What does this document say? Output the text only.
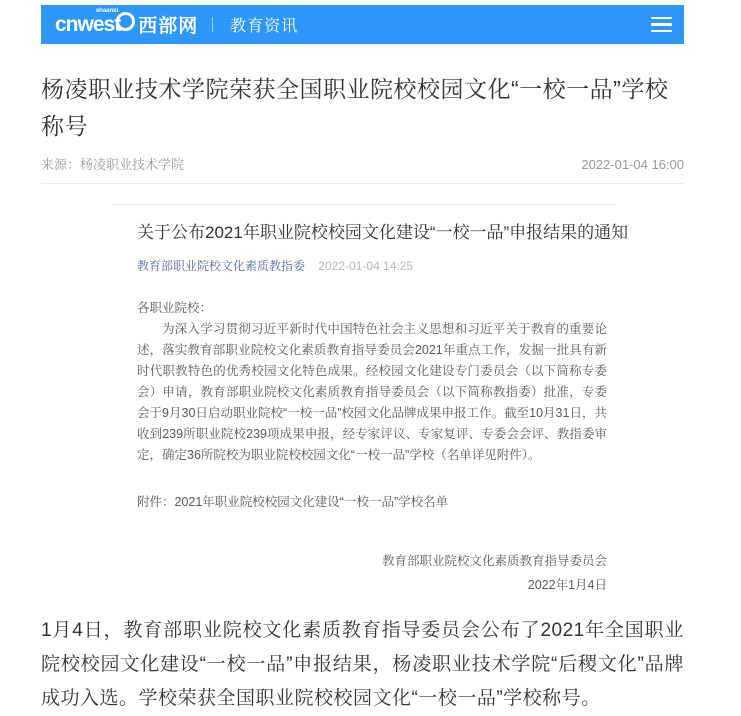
shaanxi
cnwest 西部网 教育资讯
杨凌职业技术学院荣获全国职业院校校园文化“一校一品”学校称号
来源：杨凌职业技术学院	2022-01-04 16:00
关于公布2021年职业院校校园文化建设“一校一品”申报结果的通知
教育部职业院校文化素质教指委 2022-01-04 14:25
各职业院校：
为深入学习贯彻习近平新时代中国特色社会主义思想和习近平关于教育的重要论述，落实教育部职业院校文化素质教育指导委员会2021年重点工作，发掘一批具有新时代职教特色的优秀校园文化特色成果。经校园文化建设专门委员会（以下简称专委会）申请，教育部职业院校文化素质教育指导委员会（以下简称教指委）批准，专委会于9月30日启动职业院校“一校一品”校园文化品牌成果申报工作。截至10月31日，共收到239所职业院校239项成果申报，经专家评议、专家复评、专委会会评、教指委审定，确定36所院校为职业院校校园文化“一校一品”学校（名单详见附件）。
附件：2021年职业院校校园文化建设“一校一品”学校名单
教育部职业院校文化素质教育指导委员会
2022年1月4日

1月4日，教育部职业院校文化素质教育指导委员会公布了2021年全国职业院校校园文化建设“一校一品”申报结果，杨凌职业技术学院“后稷文化”品牌成功入选。学校荣获全国职业院校校园文化“一校一品”学校称号。
